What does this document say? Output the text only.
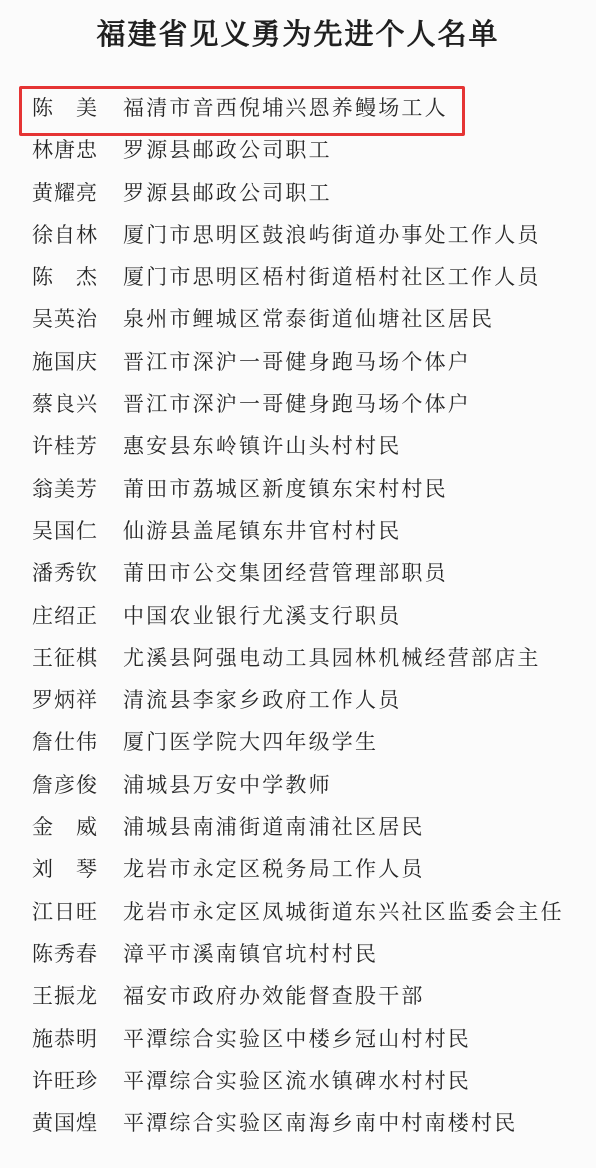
福建省见义勇为先进个人名单
陈　美	福清市音西倪埔兴恩养鳗场工人
林唐忠	罗源县邮政公司职工
黄耀亮	罗源县邮政公司职工
徐自林	厦门市思明区鼓浪屿街道办事处工作人员
陈　杰	厦门市思明区梧村街道梧村社区工作人员
吴英治	泉州市鲤城区常泰街道仙塘社区居民
施国庆	晋江市深沪一哥健身跑马场个体户
蔡良兴	晋江市深沪一哥健身跑马场个体户
许桂芳	惠安县东岭镇许山头村村民
翁美芳	莆田市荔城区新度镇东宋村村民
吴国仁	仙游县盖尾镇东井官村村民
潘秀钦	莆田市公交集团经营管理部职员
庄绍正	中国农业银行尤溪支行职员
王征棋	尤溪县阿强电动工具园林机械经营部店主
罗炳祥	清流县李家乡政府工作人员
詹仕伟	厦门医学院大四年级学生
詹彦俊	浦城县万安中学教师
金　威	浦城县南浦街道南浦社区居民
刘　琴	龙岩市永定区税务局工作人员
江日旺	龙岩市永定区凤城街道东兴社区监委会主任
陈秀春	漳平市溪南镇官坑村村民
王振龙	福安市政府办效能督查股干部
施恭明	平潭综合实验区中楼乡冠山村村民
许旺珍	平潭综合实验区流水镇碑水村村民
黄国煌	平潭综合实验区南海乡南中村南楼村民
